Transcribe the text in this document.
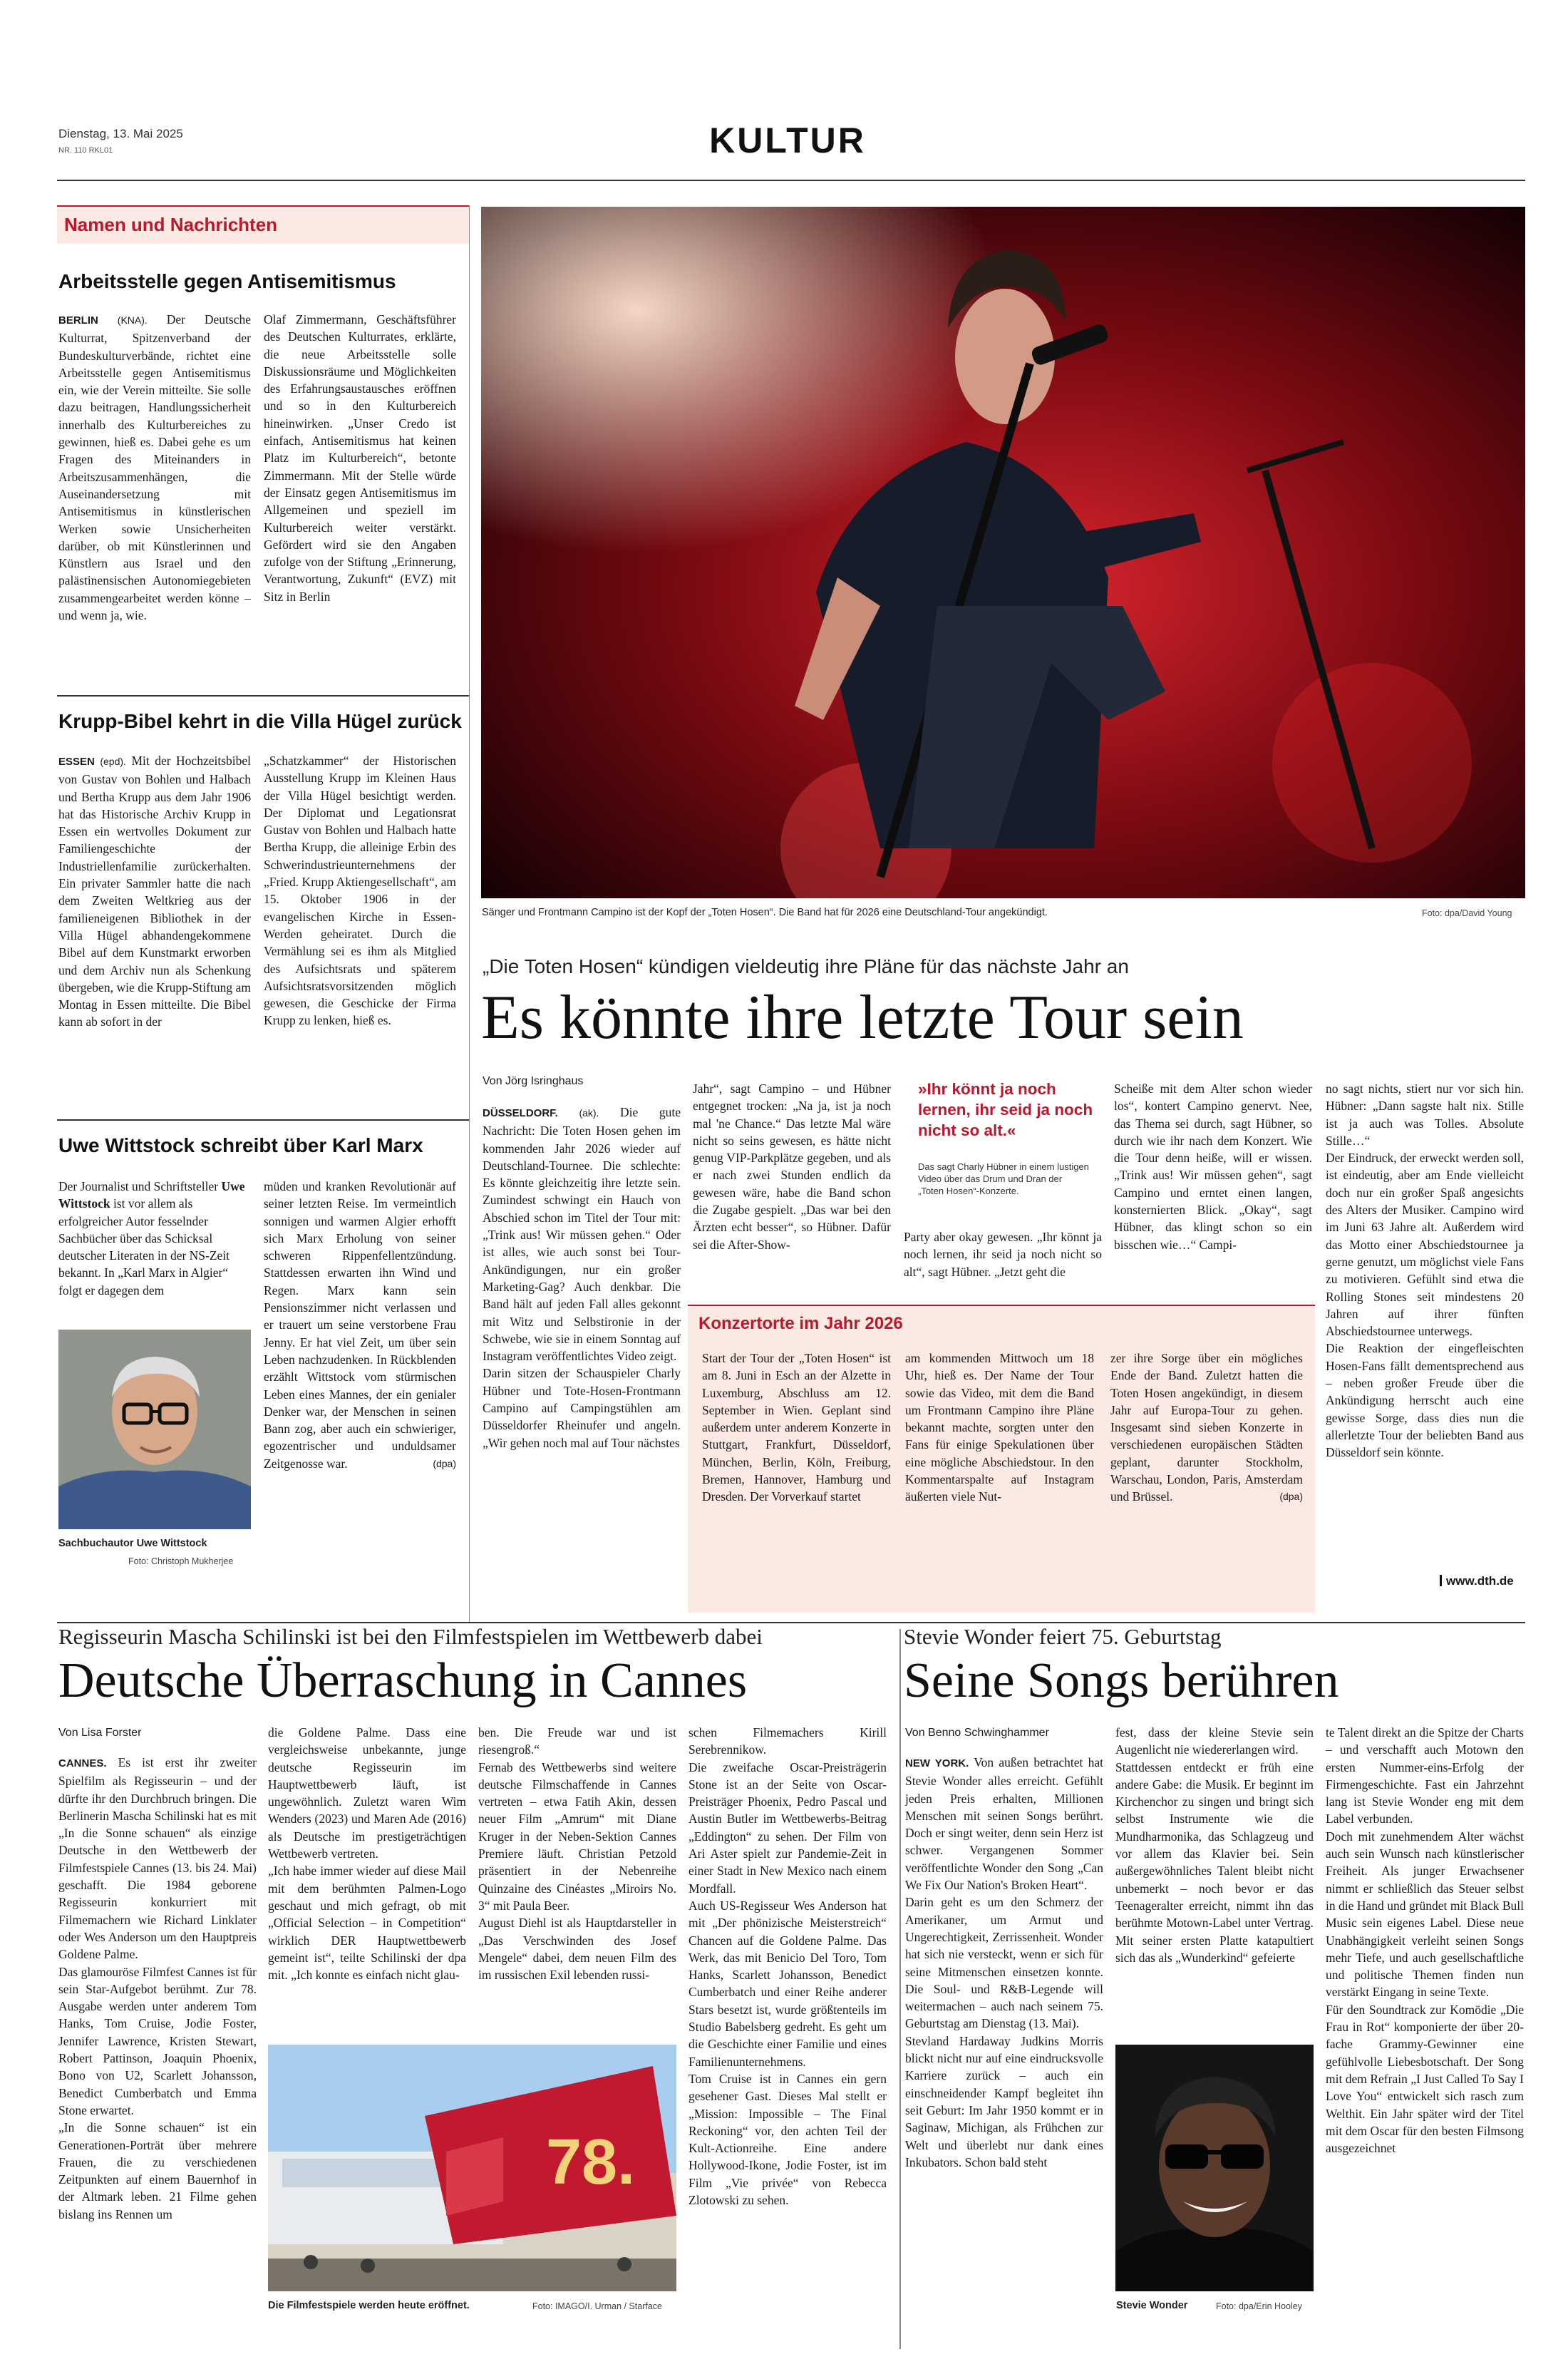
Dienstag, 13. Mai 2025
NR. 110 RKL01	KULTUR
Namen und Nachrichten
Arbeitsstelle gegen Antisemitismus
BERLIN (KNA). Der Deutsche Kulturrat, Spitzenverband der Bundeskulturverbände, richtet eine Arbeitsstelle gegen Antisemitismus ein, wie der Verein mitteilte. Sie solle dazu beitragen, Handlungssicherheit innerhalb des Kulturbereiches zu gewinnen, hieß es. Dabei gehe es um Fragen des Miteinanders in Arbeitszusammenhängen, die Auseinandersetzung mit Antisemitismus in künstlerischen Werken sowie Unsicherheiten darüber, ob mit Künstlerinnen und Künstlern aus Israel und den palästinensischen Autonomiegebieten zusammengearbeitet werden könne – und wenn ja, wie.
Olaf Zimmermann, Geschäftsführer des Deutschen Kulturrates, erklärte, die neue Arbeitsstelle solle Diskussionsräume und Möglichkeiten des Erfahrungsaustausches eröffnen und so in den Kulturbereich hineinwirken. „Unser Credo ist einfach, Antisemitismus hat keinen Platz im Kulturbereich“, betonte Zimmermann. Mit der Stelle würde der Einsatz gegen Antisemitismus im Allgemeinen und speziell im Kulturbereich weiter verstärkt. Gefördert wird sie den Angaben zufolge von der Stiftung „Erinnerung, Verantwortung, Zukunft“ (EVZ) mit Sitz in Berlin
Krupp-Bibel kehrt in die Villa Hügel zurück
ESSEN (epd). Mit der Hochzeitsbibel von Gustav von Bohlen und Halbach und Bertha Krupp aus dem Jahr 1906 hat das Historische Archiv Krupp in Essen ein wertvolles Dokument zur Familiengeschichte der Industriellenfamilie zurückerhalten. Ein privater Sammler hatte die nach dem Zweiten Weltkrieg aus der familieneigenen Bibliothek in der Villa Hügel abhandengekommene Bibel auf dem Kunstmarkt erworben und dem Archiv nun als Schenkung übergeben, wie die Krupp-Stiftung am Montag in Essen mitteilte. Die Bibel kann ab sofort in der
„Schatzkammer“ der Historischen Ausstellung Krupp im Kleinen Haus der Villa Hügel besichtigt werden. Der Diplomat und Legationsrat Gustav von Bohlen und Halbach hatte Bertha Krupp, die alleinige Erbin des Schwerindustrieunternehmens der „Fried. Krupp Aktiengesellschaft“, am 15. Oktober 1906 in der evangelischen Kirche in Essen-Werden geheiratet. Durch die Vermählung sei es ihm als Mitglied des Aufsichtsrats und späterem Aufsichtsratsvorsitzenden möglich gewesen, die Geschicke der Firma Krupp zu lenken, hieß es.
Uwe Wittstock schreibt über Karl Marx
Der Journalist und Schriftsteller Uwe Wittstock ist vor allem als erfolgreicher Autor fesselnder Sachbücher über das Schicksal deutscher Literaten in der NS-Zeit bekannt. In „Karl Marx in Algier“ folgt er dagegen dem
Sachbuchautor Uwe Wittstock
Foto: Christoph Mukherjee
müden und kranken Revolutionär auf seiner letzten Reise. Im vermeintlich sonnigen und warmen Algier erhofft sich Marx Erholung von seiner schweren Rippenfellentzündung. Stattdessen erwarten ihn Wind und Regen. Marx kann sein Pensionszimmer nicht verlassen und er trauert um seine verstorbene Frau Jenny. Er hat viel Zeit, um über sein Leben nachzudenken. In Rückblenden erzählt Wittstock vom stürmischen Leben eines Mannes, der ein genialer Denker war, der Menschen in seinen Bann zog, aber auch ein schwieriger, egozentrischer und unduldsamer Zeitgenosse war.	(dpa)
Sänger und Frontmann Campino ist der Kopf der „Toten Hosen“. Die Band hat für 2026 eine Deutschland-Tour angekündigt.	Foto: dpa/David Young
„Die Toten Hosen“ kündigen vieldeutig ihre Pläne für das nächste Jahr an
Es könnte ihre letzte Tour sein
Von Jörg Isringhaus
DÜSSELDORF. (ak). Die gute Nachricht: Die Toten Hosen gehen im kommenden Jahr 2026 wieder auf Deutschland-Tournee. Die schlechte: Es könnte gleichzeitig ihre letzte sein. Zumindest schwingt ein Hauch von Abschied schon im Titel der Tour mit: „Trink aus! Wir müssen gehen.“ Oder ist alles, wie auch sonst bei Tour-Ankündigungen, nur ein großer Marketing-Gag? Auch denkbar. Die Band hält auf jeden Fall alles gekonnt mit Witz und Selbstironie in der Schwebe, wie sie in einem Sonntag auf Instagram veröffentlichtes Video zeigt.
Darin sitzen der Schauspieler Charly Hübner und Tote-Hosen-Frontmann Campino auf Campingstühlen am Düsseldorfer Rheinufer und angeln. „Wir gehen noch mal auf Tour nächstes
Jahr“, sagt Campino – und Hübner entgegnet trocken: „Na ja, ist ja noch mal 'ne Chance.“ Das letzte Mal wäre nicht so seins gewesen, es hätte nicht genug VIP-Parkplätze gegeben, und als er nach zwei Stunden endlich da gewesen wäre, habe die Band schon die Zugabe gespielt. „Das war bei den Ärzten echt besser“, so Hübner. Dafür sei die After-Show-
»Ihr könnt ja noch lernen, ihr seid ja noch nicht so alt.«
Das sagt Charly Hübner in einem lustigen Video über das Drum und Dran der „Toten Hosen“-Konzerte.
Party aber okay gewesen. „Ihr könnt ja noch lernen, ihr seid ja noch nicht so alt“, sagt Hübner. „Jetzt geht die
Scheiße mit dem Alter schon wieder los“, kontert Campino genervt. Nee, das Thema sei durch, sagt Hübner, so durch wie ihr nach dem Konzert. Wie die Tour denn heiße, will er wissen. „Trink aus! Wir müssen gehen“, sagt Campino und erntet einen langen, konsternierten Blick. „Okay“, sagt Hübner, das klingt schon so ein bisschen wie…“ Campi-
no sagt nichts, stiert nur vor sich hin. Hübner: „Dann sagste halt nix. Stille ist ja auch was Tolles. Absolute Stille…“
Der Eindruck, der erweckt werden soll, ist eindeutig, aber am Ende vielleicht doch nur ein großer Spaß angesichts des Alters der Musiker. Campino wird im Juni 63 Jahre alt. Außerdem wird das Motto einer Abschiedstournee ja gerne genutzt, um möglichst viele Fans zu motivieren. Gefühlt sind etwa die Rolling Stones seit mindestens 20 Jahren auf ihrer fünften Abschiedstournee unterwegs.
Die Reaktion der eingefleischten Hosen-Fans fällt dementsprechend aus – neben großer Freude über die Ankündigung herrscht auch eine gewisse Sorge, dass dies nun die allerletzte Tour der beliebten Band aus Düsseldorf sein könnte.
www.dth.de
Konzertorte im Jahr 2026
Start der Tour der „Toten Hosen“ ist am 8. Juni in Esch an der Alzette in Luxemburg, Abschluss am 12. September in Wien. Geplant sind außerdem unter anderem Konzerte in Stuttgart, Frankfurt, Düsseldorf, München, Berlin, Köln, Freiburg, Bremen, Hannover, Hamburg und Dresden. Der Vorverkauf startet
am kommenden Mittwoch um 18 Uhr, hieß es. Der Name der Tour sowie das Video, mit dem die Band um Frontmann Campino ihre Pläne bekannt machte, sorgten unter den Fans für einige Spekulationen über eine mögliche Abschiedstour. In den Kommentarspalte auf Instagram äußerten viele Nut-
zer ihre Sorge über ein mögliches Ende der Band. Zuletzt hatten die Toten Hosen angekündigt, in diesem Jahr auf Europa-Tour zu gehen. Insgesamt sind sieben Konzerte in verschiedenen europäischen Städten geplant, darunter Stockholm, Warschau, London, Paris, Amsterdam und Brüssel.	(dpa)
Regisseurin Mascha Schilinski ist bei den Filmfestspielen im Wettbewerb dabei
Deutsche Überraschung in Cannes
Von Lisa Forster
CANNES. Es ist erst ihr zweiter Spielfilm als Regisseurin – und der dürfte ihr den Durchbruch bringen. Die Berlinerin Mascha Schilinski hat es mit „In die Sonne schauen“ als einzige Deutsche in den Wettbewerb der Filmfestspiele Cannes (13. bis 24. Mai) geschafft. Die 1984 geborene Regisseurin konkurriert mit Filmemachern wie Richard Linklater oder Wes Anderson um den Hauptpreis Goldene Palme.
Das glamouröse Filmfest Cannes ist für sein Star-Aufgebot berühmt. Zur 78. Ausgabe werden unter anderem Tom Hanks, Tom Cruise, Jodie Foster, Jennifer Lawrence, Kristen Stewart, Robert Pattinson, Joaquin Phoenix, Bono von U2, Scarlett Johansson, Benedict Cumberbatch und Emma Stone erwartet.
„In die Sonne schauen“ ist ein Generationen-Porträt über mehrere Frauen, die zu verschiedenen Zeitpunkten auf einem Bauernhof in der Altmark leben. 21 Filme gehen bislang ins Rennen um
die Goldene Palme. Dass eine vergleichsweise unbekannte, junge deutsche Regisseurin im Hauptwettbewerb läuft, ist ungewöhnlich. Zuletzt waren Wim Wenders (2023) und Maren Ade (2016) als Deutsche im prestigeträchtigen Wettbewerb vertreten.
„Ich habe immer wieder auf diese Mail mit dem berühmten Palmen-Logo geschaut und mich gefragt, ob mit „Official Selection – in Competition“ wirklich DER Hauptwettbewerb gemeint ist“, teilte Schilinski der dpa mit. „Ich konnte es einfach nicht glau-
ben. Die Freude war und ist riesengroß.“
Fernab des Wettbewerbs sind weitere deutsche Filmschaffende in Cannes vertreten – etwa Fatih Akin, dessen neuer Film „Amrum“ mit Diane Kruger in der Neben-Sektion Cannes Premiere läuft. Christian Petzold präsentiert in der Nebenreihe Quinzaine des Cinéastes „Miroirs No. 3“ mit Paula Beer.
August Diehl ist als Hauptdarsteller in „Das Verschwinden des Josef Mengele“ dabei, dem neuen Film des im russischen Exil lebenden russi-
schen Filmemachers Kirill Serebrennikow.
Die zweifache Oscar-Preisträgerin Stone ist an der Seite von Oscar-Preisträger Phoenix, Pedro Pascal und Austin Butler im Wettbewerbs-Beitrag „Eddington“ zu sehen. Der Film von Ari Aster spielt zur Pandemie-Zeit in einer Stadt in New Mexico nach einem Mordfall.
Auch US-Regisseur Wes Anderson hat mit „Der phönizische Meisterstreich“ Chancen auf die Goldene Palme. Das Werk, das mit Benicio Del Toro, Tom Hanks, Scarlett Johansson, Benedict Cumberbatch und einer Reihe anderer Stars besetzt ist, wurde größtenteils im Studio Babelsberg gedreht. Es geht um die Geschichte einer Familie und eines Familienunternehmens.
Tom Cruise ist in Cannes ein gern gesehener Gast. Dieses Mal stellt er „Mission: Impossible – The Final Reckoning“ vor, den achten Teil der Kult-Actionreihe. Eine andere Hollywood-Ikone, Jodie Foster, ist im Film „Vie privée“ von Rebecca Zlotowski zu sehen.
78.
Die Filmfestspiele werden heute eröffnet.	Foto: IMAGO/I. Urman / Starface
Stevie Wonder feiert 75. Geburtstag
Seine Songs berühren
Von Benno Schwinghammer
NEW YORK. Von außen betrachtet hat Stevie Wonder alles erreicht. Gefühlt jeden Preis erhalten, Millionen Menschen mit seinen Songs berührt. Doch er singt weiter, denn sein Herz ist schwer. Vergangenen Sommer veröffentlichte Wonder den Song „Can We Fix Our Nation's Broken Heart“.
Darin geht es um den Schmerz der Amerikaner, um Armut und Ungerechtigkeit, Zerrissenheit. Wonder hat sich nie versteckt, wenn er sich für seine Mitmenschen einsetzen konnte. Die Soul- und R&B-Legende will weitermachen – auch nach seinem 75. Geburtstag am Dienstag (13. Mai).
Stevland Hardaway Judkins Morris blickt nicht nur auf eine eindrucksvolle Karriere zurück – auch ein einschneidender Kampf begleitet ihn seit Geburt: Im Jahr 1950 kommt er in Saginaw, Michigan, als Frühchen zur Welt und überlebt nur dank eines Inkubators. Schon bald steht
fest, dass der kleine Stevie sein Augenlicht nie wiedererlangen wird.
Stattdessen entdeckt er früh eine andere Gabe: die Musik. Er beginnt im Kirchenchor zu singen und bringt sich selbst Instrumente wie die Mundharmonika, das Schlagzeug und vor allem das Klavier bei. Sein außergewöhnliches Talent bleibt nicht unbemerkt – noch bevor er das Teenageralter erreicht, nimmt ihn das berühmte Motown-Label unter Vertrag. Mit seiner ersten Platte katapultiert sich das als „Wunderkind“ gefeierte
te Talent direkt an die Spitze der Charts – und verschafft auch Motown den ersten Nummer-eins-Erfolg der Firmengeschichte. Fast ein Jahrzehnt lang ist Stevie Wonder eng mit dem Label verbunden.
Doch mit zunehmendem Alter wächst auch sein Wunsch nach künstlerischer Freiheit. Als junger Erwachsener nimmt er schließlich das Steuer selbst in die Hand und gründet mit Black Bull Music sein eigenes Label. Diese neue Unabhängigkeit verleiht seinen Songs mehr Tiefe, und auch gesellschaftliche und politische Themen finden nun verstärkt Eingang in seine Texte.
Für den Soundtrack zur Komödie „Die Frau in Rot“ komponierte der über 20-fache Grammy-Gewinner eine gefühlvolle Liebesbotschaft. Der Song mit dem Refrain „I Just Called To Say I Love You“ entwickelt sich rasch zum Welthit. Ein Jahr später wird der Titel mit dem Oscar für den besten Filmsong ausgezeichnet
Stevie Wonder	Foto: dpa/Erin Hooley
